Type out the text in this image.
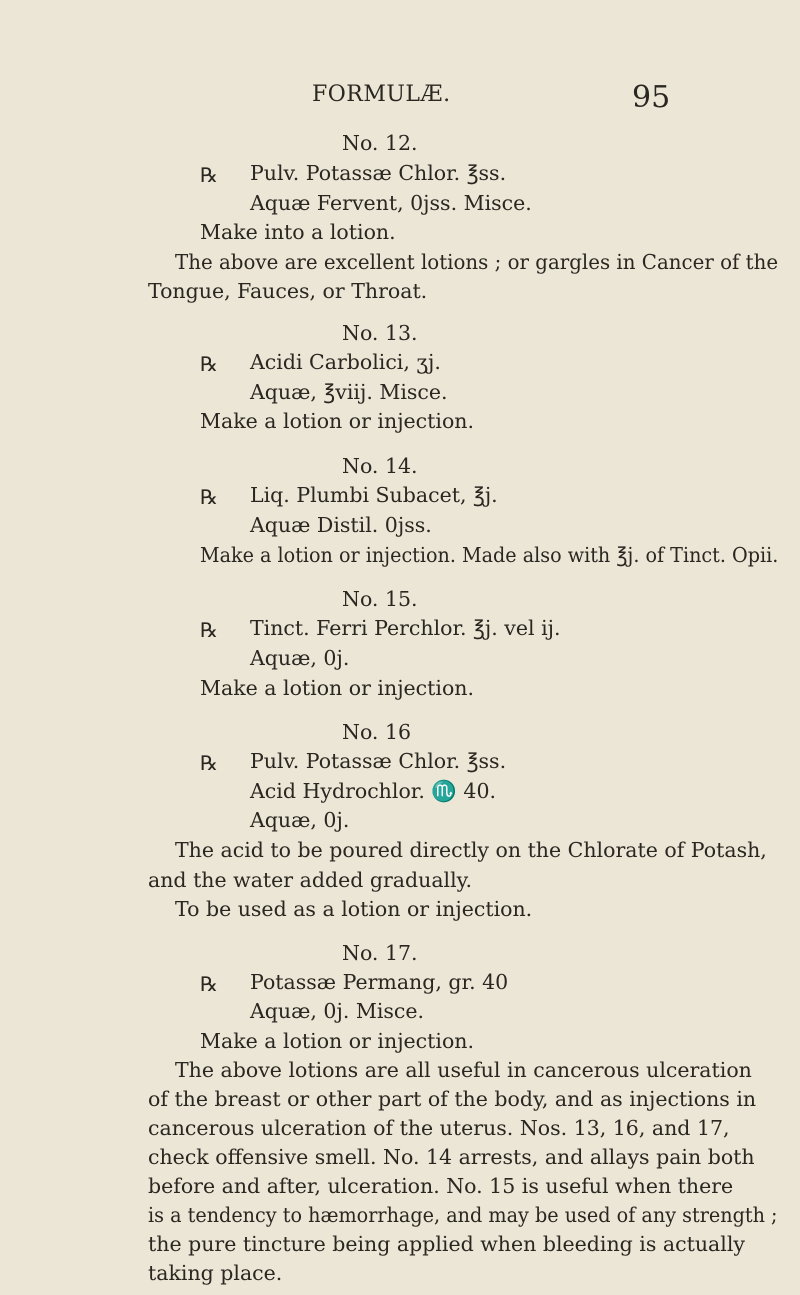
FORMULÆ.	95
No. 12.
℞ Pulv. Potassæ Chlor. ℥ss.
Aquæ Fervent, 0jss. Misce.
Make into a lotion.
The above are excellent lotions ; or gargles in Cancer of the
Tongue, Fauces, or Throat.
No. 13.
℞ Acidi Carbolici, ʒj.
Aquæ, ℥viij. Misce.
Make a lotion or injection.
No. 14.
℞ Liq. Plumbi Subacet, ℥j.
Aquæ Distil. 0jss.
Make a lotion or injection. Made also with ℥j. of Tinct. Opii.
No. 15.
℞ Tinct. Ferri Perchlor. ℥j. vel ij.
Aquæ, 0j.
Make a lotion or injection.
No. 16
℞ Pulv. Potassæ Chlor. ℥ss.
Acid Hydrochlor. ♏ 40.
Aquæ, 0j.
The acid to be poured directly on the Chlorate of Potash,
and the water added gradually.
To be used as a lotion or injection.
No. 17.
℞ Potassæ Permang, gr. 40
Aquæ, 0j. Misce.
Make a lotion or injection.
The above lotions are all useful in cancerous ulceration
of the breast or other part of the body, and as injections in
cancerous ulceration of the uterus. Nos. 13, 16, and 17,
check offensive smell. No. 14 arrests, and allays pain both
before and after, ulceration. No. 15 is useful when there
is a tendency to hæmorrhage, and may be used of any strength ;
the pure tincture being applied when bleeding is actually
taking place.
